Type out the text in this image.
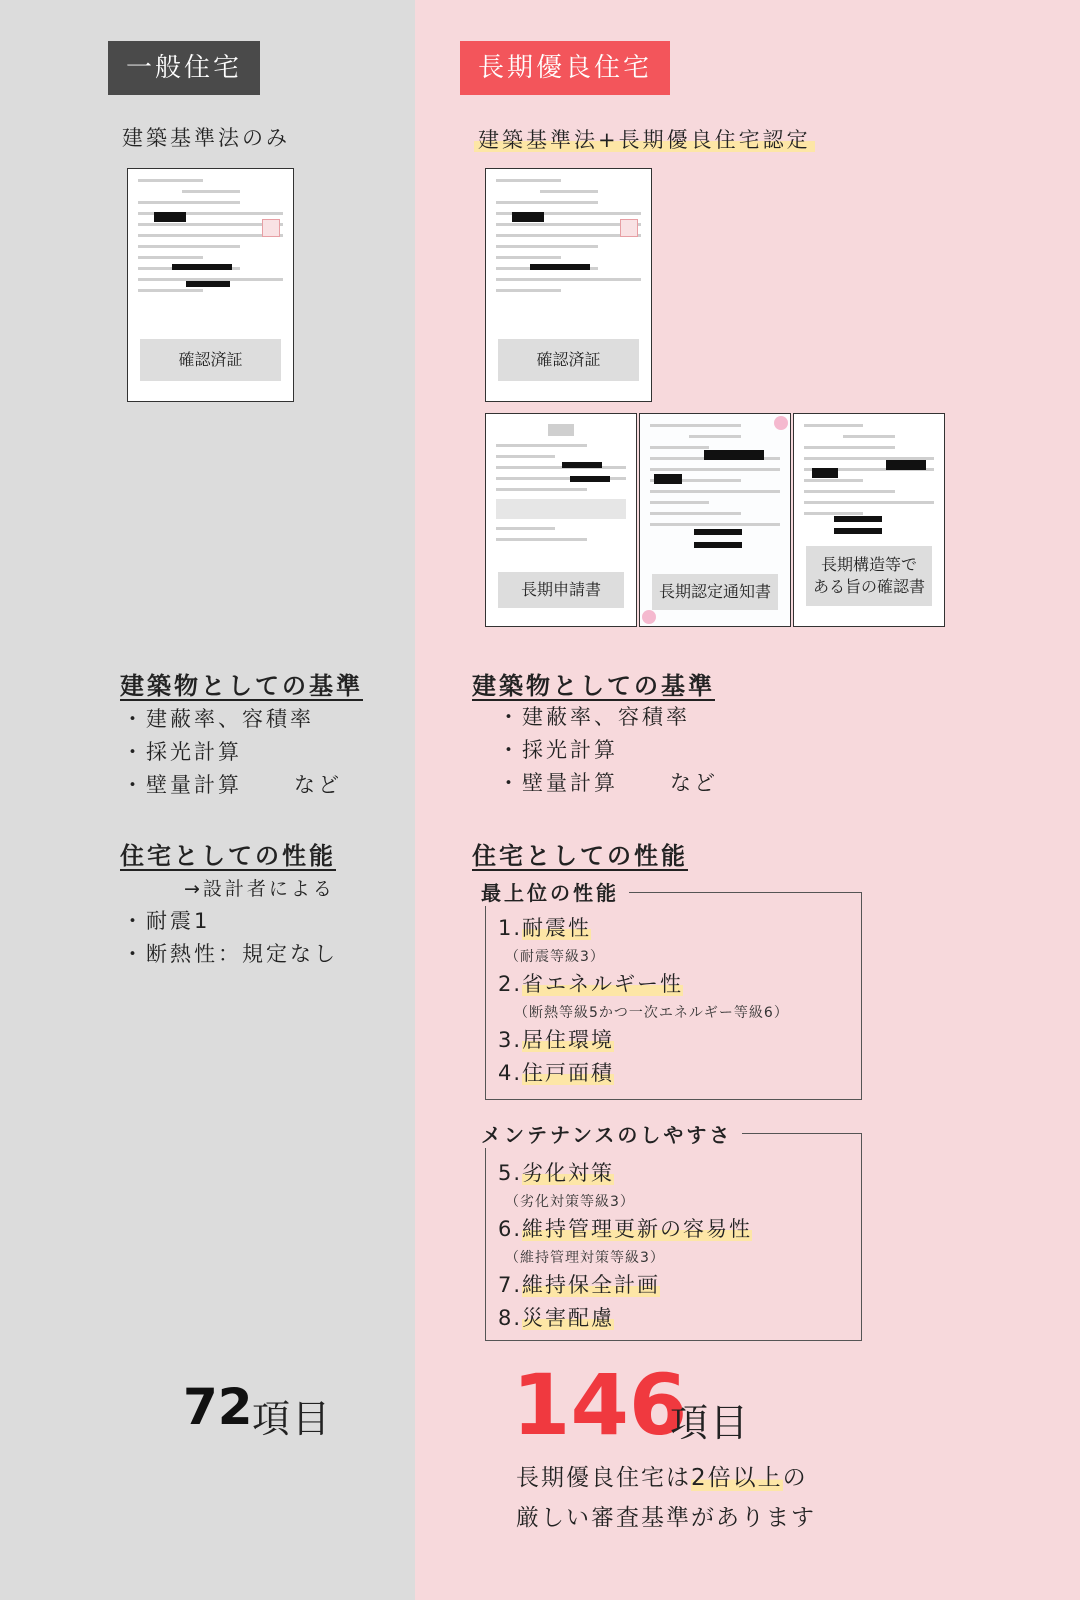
一般住宅
建築基準法のみ
確認済証
建築物としての基準
・建蔽率、容積率
・採光計算
・壁量計算 など
住宅としての性能
→設計者による
・耐震1
・断熱性：規定なし
72 項目
長期優良住宅
建築基準法+長期優良住宅認定
確認済証
長期申請書	長期認定通知書
長期構造等で
ある旨の確認書
建築物としての基準
・建蔽率、容積率
・採光計算
・壁量計算 など
住宅としての性能
最上位の性能
1.耐震性
（耐震等級3）
2.省エネルギー性
（断熱等級5かつ一次エネルギー等級6）
3.居住環境
4.住戸面積
メンテナンスのしやすさ
5.劣化対策
（劣化対策等級3）
6.維持管理更新の容易性
（維持管理対策等級3）
7.維持保全計画
8.災害配慮
146
項目
長期優良住宅は2倍以上の
厳しい審査基準があります
